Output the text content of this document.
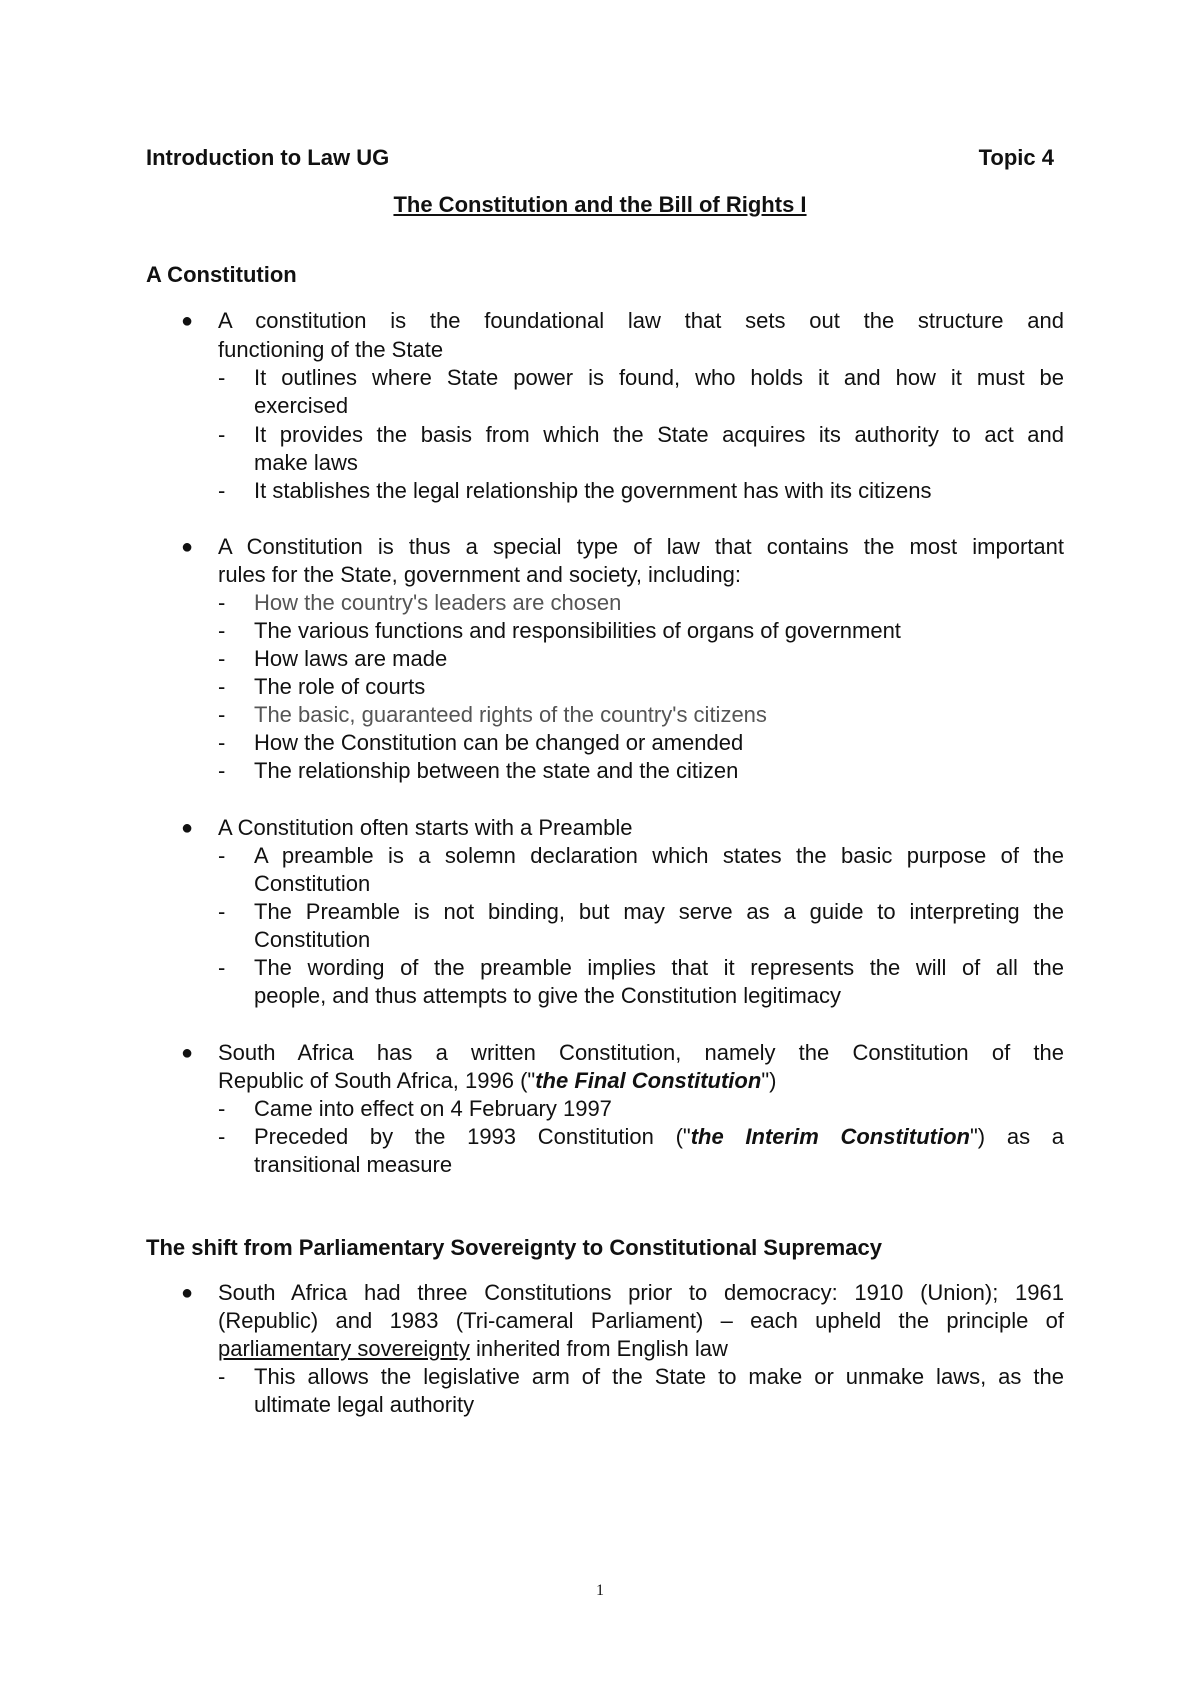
Introduction to Law UG	Topic 4
The Constitution and the Bill of Rights I
A Constitution
● A constitution is the foundational law that sets out the structure and
functioning of the State
- It outlines where State power is found, who holds it and how it must be
exercised
- It provides the basis from which the State acquires its authority to act and
make laws
- It stablishes the legal relationship the government has with its citizens
● A Constitution is thus a special type of law that contains the most important
rules for the State, government and society, including:
- How the country's leaders are chosen
- The various functions and responsibilities of organs of government
- How laws are made
- The role of courts
- The basic, guaranteed rights of the country's citizens
- How the Constitution can be changed or amended
- The relationship between the state and the citizen
● A Constitution often starts with a Preamble
- A preamble is a solemn declaration which states the basic purpose of the
Constitution
- The Preamble is not binding, but may serve as a guide to interpreting the
Constitution
- The wording of the preamble implies that it represents the will of all the
people, and thus attempts to give the Constitution legitimacy
● South Africa has a written Constitution, namely the Constitution of the
Republic of South Africa, 1996 ("the Final Constitution")
- Came into effect on 4 February 1997
- Preceded by the 1993 Constitution ("the Interim Constitution") as a
transitional measure
The shift from Parliamentary Sovereignty to Constitutional Supremacy
● South Africa had three Constitutions prior to democracy: 1910 (Union); 1961
(Republic) and 1983 (Tri-cameral Parliament) – each upheld the principle of
parliamentary sovereignty inherited from English law
- This allows the legislative arm of the State to make or unmake laws, as the
ultimate legal authority
1
